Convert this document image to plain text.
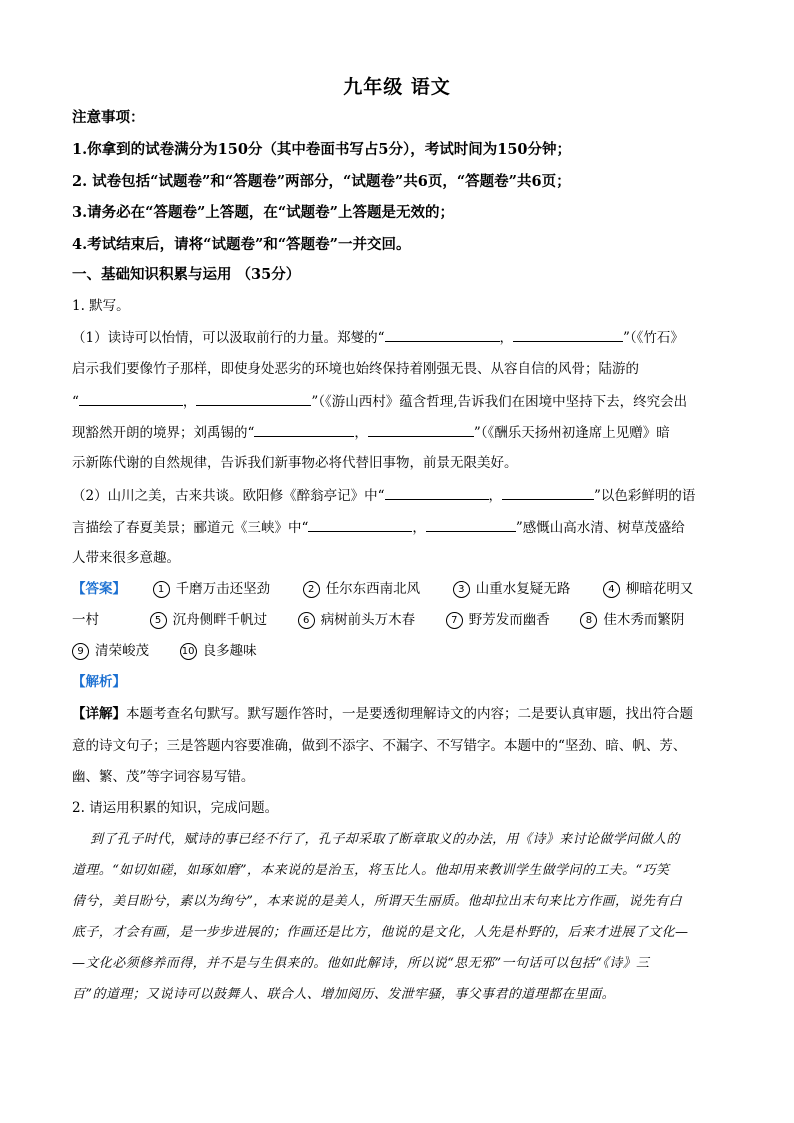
九年级 语文
注意事项：
1.你拿到的试卷满分为150分（其中卷面书写占5分），考试时间为150分钟；
2. 试卷包括“试题卷”和“答题卷”两部分，“试题卷”共6页，“答题卷”共6页；
3.请务必在“答题卷”上答题，在“试题卷”上答题是无效的；
4.考试结束后，请将“试题卷”和“答题卷”一并交回。
一、基础知识积累与运用 （35分）
1. 默写。
（1）读诗可以怡情，可以汲取前行的力量。郑燮的“	，	”（《竹石》
启示我们要像竹子那样，即使身处恶劣的环境也始终保持着刚强无畏、从容自信的风骨；陆游的
“	，	”（《游山西村》蕴含哲理,告诉我们在困境中坚持下去，终究会出
现豁然开朗的境界；刘禹锡的“	，	”（《酬乐天扬州初逢席上见赠》暗
示新陈代谢的自然规律，告诉我们新事物必将代替旧事物，前景无限美好。
（2）山川之美，古来共谈。欧阳修《醉翁亭记》中“	，	”以色彩鲜明的语
言描绘了春夏美景；郦道元《三峡》中“	，	”感慨山高水清、树草茂盛给
人带来很多意趣。
【答案】	1 千磨万击还坚劲	2 任尔东西南北风	3 山重水复疑无路	4 柳暗花明又
一村	5 沉舟侧畔千帆过	6 病树前头万木春	7 野芳发而幽香	8 佳木秀而繁阴
9 清荣峻茂	10 良多趣味
【解析】
【详解】本题考查名句默写。默写题作答时，一是要透彻理解诗文的内容；二是要认真审题，找出符合题
意的诗文句子；三是答题内容要准确，做到不添字、不漏字、不写错字。本题中的“坚劲、暗、帆、芳、
幽、繁、茂”等字词容易写错。
2. 请运用积累的知识，完成问题。

到了孔子时代，赋诗的事已经不行了，孔子却采取了断章取义的办法，用《诗》来讨论做学问做人的

道理。“如切如磋，如琢如磨”，本来说的是治玉，将玉比人。他却用来教训学生做学问的工夫。“巧笑

倩兮，美目盼兮，素以为绚兮”，本来说的是美人，所谓天生丽质。他却拉出末句来比方作画，说先有白

底子，才会有画，是一步步进展的；作画还是比方，他说的是文化，人先是朴野的，后来才进展了文化—

—文化必须修养而得，并不是与生俱来的。他如此解诗，所以说“思无邪”一句话可以包括“《诗》三

百”的道理；又说诗可以鼓舞人、联合人、增加阅历、发泄牢骚，事父事君的道理都在里面。
